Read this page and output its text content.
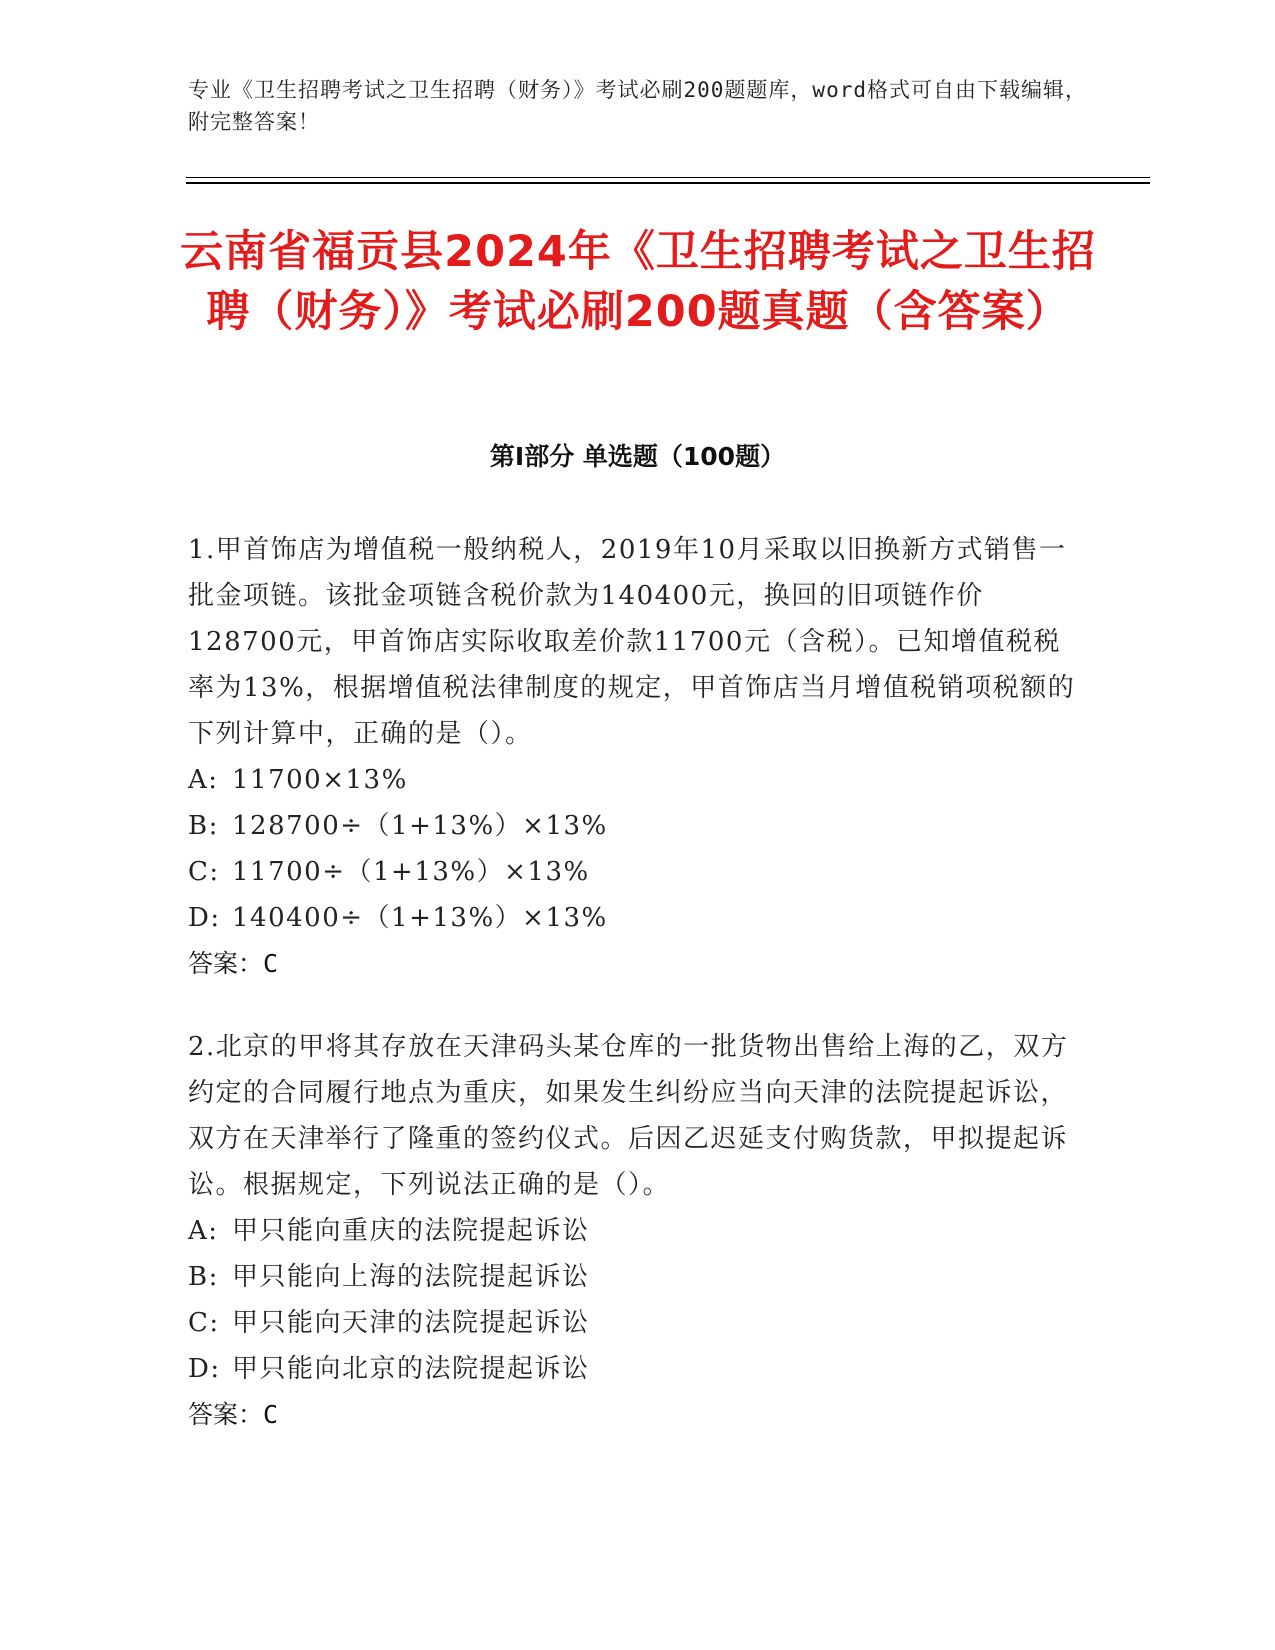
专业《卫生招聘考试之卫生招聘（财务）》考试必刷200题题库，word格式可自由下载编辑，附完整答案！
云南省福贡县2024年《卫生招聘考试之卫生招聘（财务）》考试必刷200题真题（含答案）
第Ⅰ部分 单选题（100题）

1.甲首饰店为增值税一般纳税人，2019年10月采取以旧换新方式销售一批金项链。该批金项链含税价款为140400元，换回的旧项链作价128700元，甲首饰店实际收取差价款11700元（含税）。已知增值税税率为13%，根据增值税法律制度的规定，甲首饰店当月增值税销项税额的下列计算中，正确的是（）。

A: 11700×13%

B: 128700÷（1+13%）×13%

C: 11700÷（1+13%）×13%

D: 140400÷（1+13%）×13%

答案：C

2.北京的甲将其存放在天津码头某仓库的一批货物出售给上海的乙，双方约定的合同履行地点为重庆，如果发生纠纷应当向天津的法院提起诉讼，双方在天津举行了隆重的签约仪式。后因乙迟延支付购货款，甲拟提起诉讼。根据规定，下列说法正确的是（）。

A: 甲只能向重庆的法院提起诉讼

B: 甲只能向上海的法院提起诉讼

C: 甲只能向天津的法院提起诉讼

D: 甲只能向北京的法院提起诉讼

答案：C
